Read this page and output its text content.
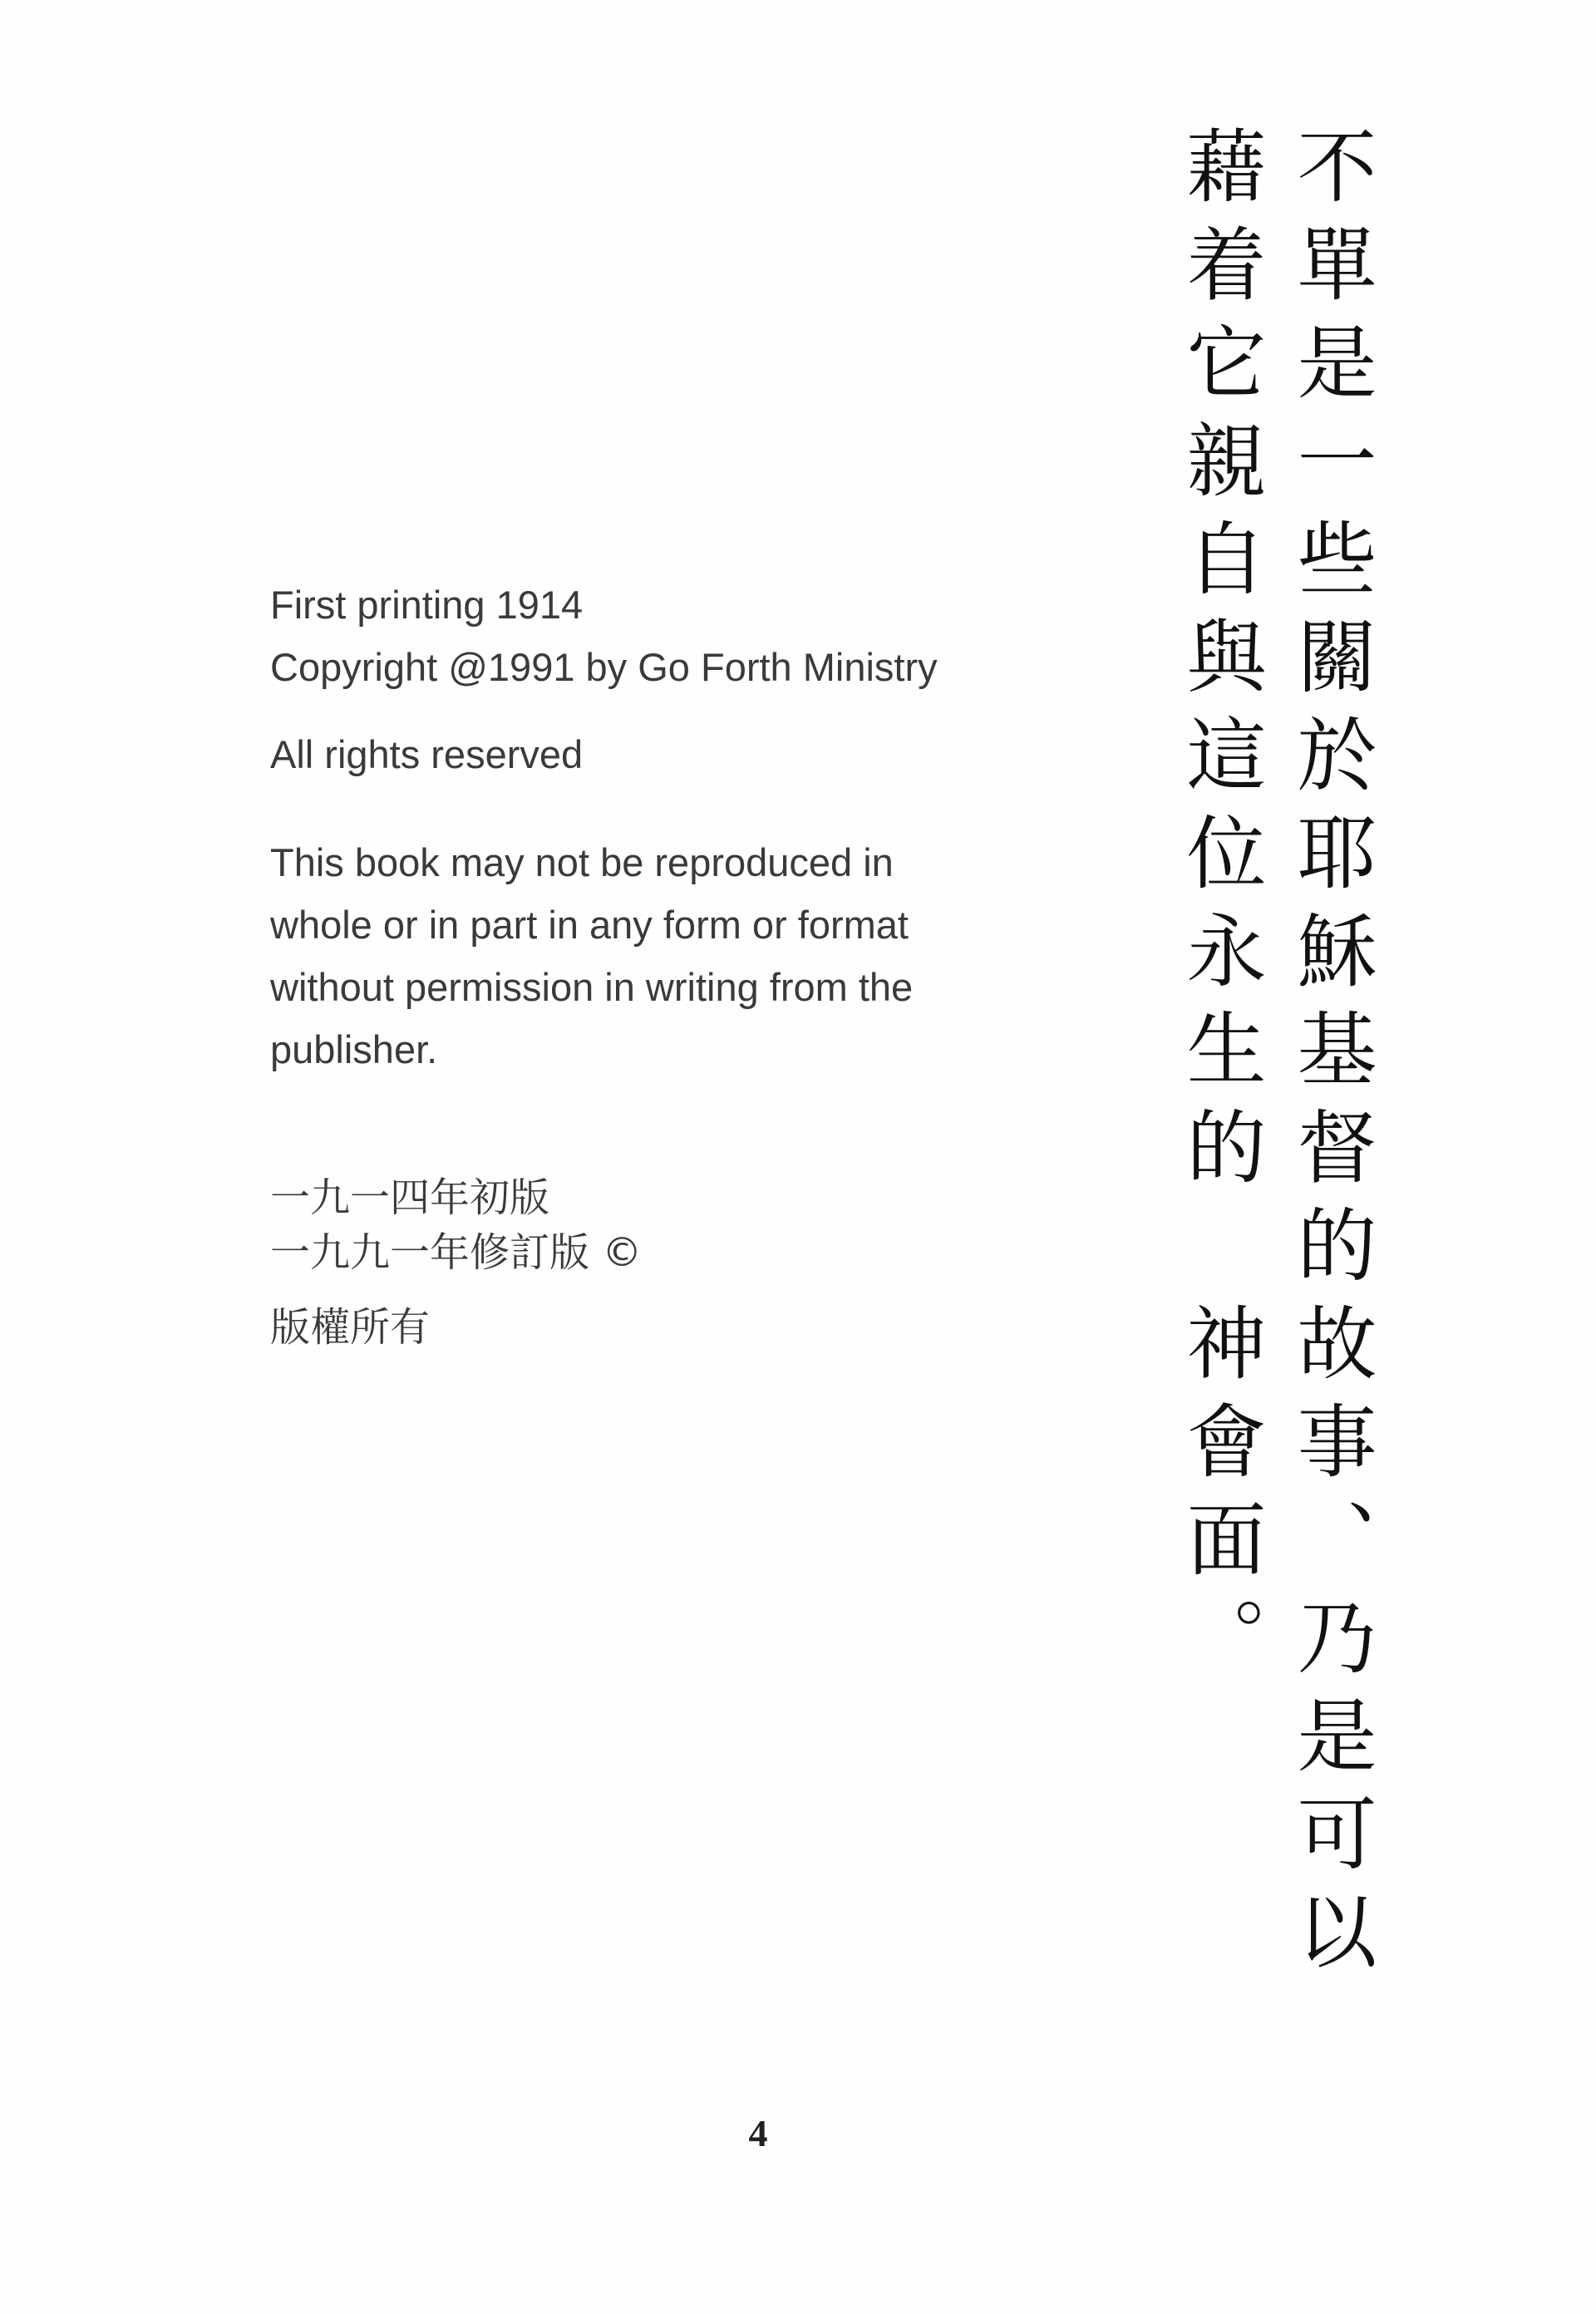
First printing 1914
Copyright @1991 by Go Forth Ministry
All rights reserved
This book may not be reproduced in
whole or in part in any form or format
without permission in writing from the
publisher.
一九一四年初版
一九九一年修訂版 ©
版權所有	不單是一些關於耶穌基督的故事、乃是可以
藉着它親自與這位永生的　神會面。
4
